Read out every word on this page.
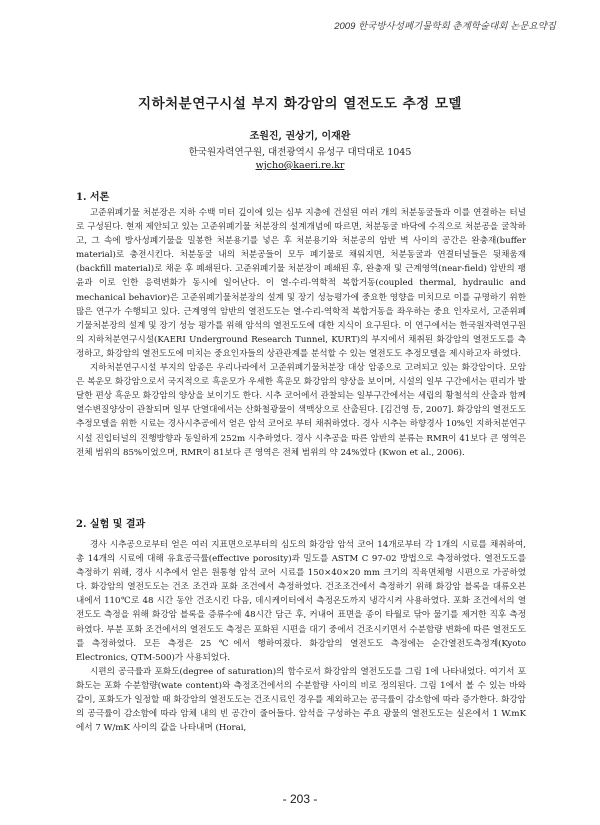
2009 한국방사성폐기물학회 춘계학술대회 논문요약집
지하처분연구시설 부지 화강암의 열전도도 추정 모델
조원진, 권상기, 이재완
한국원자력연구원, 대전광역시 유성구 대덕대로 1045
wjcho@kaeri.re.kr
1. 서론

고준위폐기물 처분장은 지하 수백 미터 깊이에 있는 심부 지층에 건설된 여러 개의 처분동굴들과 이를 연결하는 터널로 구성된다. 현재 제안되고 있는 고준위폐기물 처분장의 설계개념에 따르면, 처분동굴 바닥에 수직으로 처분공을 굴착하고, 그 속에 방사성폐기물을 밀봉한 처분용기를 넣은 후 처분용기와 처분공의 암반 벽 사이의 공간은 완충재(buffer material)로 충전시킨다. 처분동굴 내의 처분공들이 모두 폐기물로 채워지면, 처분동굴과 연결터널들은 뒷채움재(backfill material)로 채운 후 폐쇄된다. 고준위폐기물 처분장이 폐쇄된 후, 완충재 및 근계영역(near-field) 암반의 팽윤과 이로 인한 응력변화가 동시에 일어난다. 이 열-수리-역학적 복합거동(coupled thermal, hydraulic and mechanical behavior)은 고준위폐기물처분장의 설계 및 장기 성능평가에 중요한 영향을 미치므로 이를 규명하기 위한 많은 연구가 수행되고 있다. 근계영역 암반의 열전도도는 열-수리-역학적 복합거동을 좌우하는 중요 인자로서, 고준위폐기물처분장의 설계 및 장기 성능 평가를 위해 암석의 열전도도에 대한 지식이 요구된다. 이 연구에서는 한국원자력연구원의 지하처분연구시설(KAERI Underground Research Tunnel, KURT)의 부지에서 채취된 화강암의 열전도도를 측정하고, 화강암의 열전도도에 미치는 중요인자들의 상관관계를 분석할 수 있는 열전도도 추정모델을 제시하고자 하였다.

지하처분연구시설 부지의 암종은 우리나라에서 고준위폐기물처분장 대상 암종으로 고려되고 있는 화강암이다. 모암은 복운모 화강암으로서 국지적으로 흑운모가 우세한 흑운모 화강암의 양상을 보이며, 시설의 일부 구간에서는 편리가 발달한 편상 흑운모 화강암의 양상을 보이기도 한다. 시추 코어에서 관찰되는 일부구간에서는 세립의 황철석의 산출과 함께 열수변질양상이 관찰되며 일부 단열대에서는 산화철광물이 색맥상으로 산출된다. [김건영 등, 2007]. 화강암의 열전도도 추정모델을 위한 시료는 경사시추공에서 얻은 암석 코어로 부터 채취하였다. 경사 시추는 하향경사 10%인 지하처분연구시설 진입터널의 진행방향과 동일하게 252m 시추하였다. 경사 시추공을 따른 암반의 분류는 RMR이 41보다 큰 영역은 전체 범위의 85%이었으며, RMR이 81보다 큰 영역은 전체 범위의 약 24%였다 (Kwon et al., 2006).

2. 실험 및 결과

경사 시추공으로부터 얻은 여러 지표면으로부터의 심도의 화강암 암석 코어 14개로부터 각 1개의 시료를 채취하여, 총 14개의 시료에 대해 유효공극률(effective porosity)과 밀도를 ASTM C 97-02 방법으로 측정하였다. 열전도도를 측정하기 위해, 경사 시추에서 얻은 원통형 암석 코어 시료를 150×40×20 mm 크기의 직육면체형 시편으로 가공하였다. 화강암의 열전도도는 건조 조건과 포화 조건에서 측정하였다. 건조조건에서 측정하기 위해 화강암 블록을 대류오븐 내에서 110℃로 48 시간 동안 건조시킨 다음, 데시케이터에서 측정온도까지 냉각시켜 사용하였다. 포화 조건에서의 열전도도 측정을 위해 화강암 블록을 증류수에 48시간 담근 후, 커내어 표면을 종이 타월로 닦아 물기를 제거한 직후 측정하였다. 부분 포화 조건에서의 열전도도 측정은 포화된 시편을 대기 중에서 건조시키면서 수분함량 변화에 따른 열전도도를 측정하였다. 모든 측정은 25 ℃에서 행하여졌다. 화강암의 열전도도 측정에는 순간열전도측정계(Kyoto Electronics, QTM-500)가 사용되었다.

시편의 공극률과 포화도(degree of saturation)의 함수로서 화강암의 열전도도를 그림 1에 나타내었다. 여기서 포화도는 포화 수분함량(wate content)와 측정조건에서의 수분함량 사이의 비로 정의된다. 그림 1에서 볼 수 있는 바와 같이, 포화도가 일정할 때 화강암의 열전도도는 건조시료인 경우를 제외하고는 공극률이 감소함에 따라 증가한다. 화강암의 공극률이 감소함에 따라 암체 내의 빈 공간이 줄어들다. 암석을 구성하는 주요 광물의 열전도도는 실온에서 1 W.mK에서 7 W/mK 사이의 값을 나타내며 (Horai,

- 203 -
